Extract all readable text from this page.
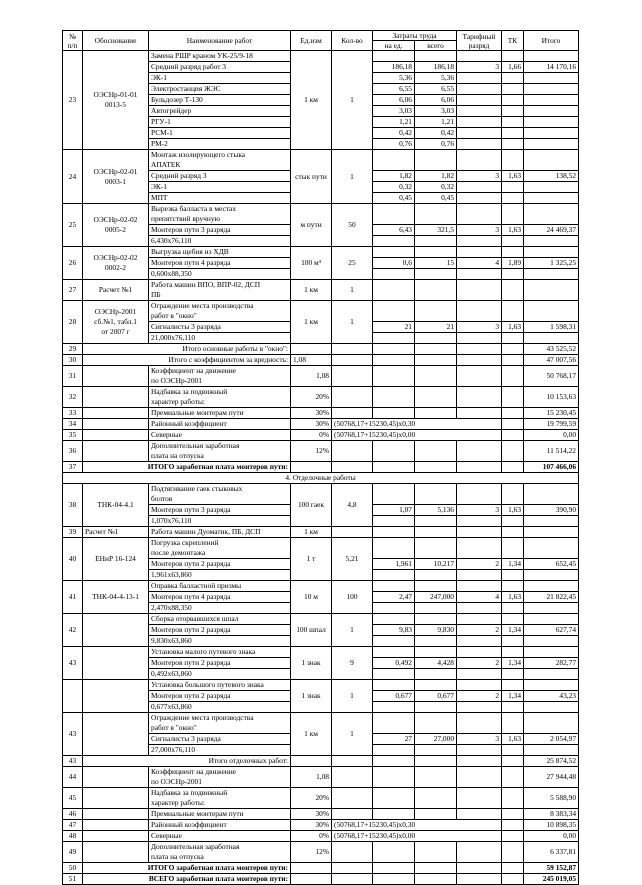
№
п/п	Обоснование	Наименование работ	Ед.изм	Кол-во	Затраты труда		Тарифный
разряд	ТК	Итого
					на ед.	всего			
23	ОЭСНр-01-01
0013-5	Замена РШР краном УК-25/9-18	1 км	1					
		Средний разряд работ 3			186,18	186,18	3	1,66	14 170,16
		ЭК-1			5,36	5,36			
		Электростанция ЖЭС			6,55	6,55			
		Бульдозер Т-130			6,06	6,06			
		Автогрейдер			3,03	3,03			
		РГУ-1			1,21	1,21			
		РСМ-1			0,42	0,42			
		РМ-2			0,76	0,76			
24	ОЭСНр-02-01
0003-1	Монтаж изолирующего стыка
АПАТЕК	стык пути	1					
		Средний разряд 3			1,82	1,82	3	1,63	138,52
		ЭК-1			0,32	0,32			
		МПТ			0,45	0,45			
25	ОЭСНр-02-02
0005-2	Вырезка балласта в местах
препятствий вручную	м пути	50					
		Монтеров пути 3 разряда			6,43	321,5	3	1,63	24 469,37
		6,430x76,110							
26	ОЭСНр-02-02
0002-2	Выгрузка щебня из ХДВ	100 м³	25					
		Монтеров пути 4 разряда			0,6	15	4	1,89	1 325,25
		0,600x88,350							
27	Расчет №1	Работа машин ВПО, ВПР-02, ДСП
ПБ	1 км	1					
28	ОЭСНр-2001
сб.№1, табл.1
от 2007 г	Ограждение места производства
работ в "окно"	1 км	1					
		Сигналисты 3 разряда			21	21	3	1,63	1 598,31
		21,000x76,110							
29	Итого основные работы в "окно":								43 525,52
30	Итого с коэффициентом за вредность:		1,08						47 007,56
31		Коэффициент на движение
по ОЭСНр-2001	1,08						50 768,17
32		Надбавка за подвижный
характер работы:	20%						10 153,63
33		Премиальные монтерам пути	30%						15 230,45
34		Районный коэффициент	30%	(50768,17+15230,45)x0,30					19 799,59
35		Северные	0%	(50768,17+15230,45)x0,00					0,00
36		Дополнительная заработная
плата на отпуска	12%						11 514,22
37	ИТОГО заработная плата монтеров пути:								107 466,06
4. Отделочные работы									
38	ТНК-04-4.1	Подтягивание гаек стыковых
болтов	100 гаек	4,8					
		Монтеров пути 3 разряда			1,07	5,136	3	1,63	390,90
		1,070x76,110							
39	Расчет №1	Работа машин Дуоматик, ПБ, ДСП	1 км						
40	ЕНиР 16-124	Погрузка скреплений
после демонтажа	1 т	5,21					
		Монтеров пути 2 разряда			1,961	10,217	2	1,34	652,45
		1,961x63,860							
41	ТНК-04-4-13-1	Оправка балластной призмы	10 м	100					
		Монтеров пути 4 разряда			2,47	247,000	4	1,63	21 822,45
		2,470x88,350							
42		Сборка оторвавшихся шпал	100 шпал	1					
		Монтеров пути 2 разряда			9,83	9,830	2	1,34	627,74
		9,830x63,860							
43		Установка малого путевого знака	1 знак	9					
		Монтеров пути 2 разряда			0,492	4,428	2	1,34	282,77
		0,492x63,860							
		Установка большого путевого знака	1 знак	1					
		Монтеров пути 2 разряда			0,677	0,677	2	1,34	43,23
		0,677x63,860							
43		Ограждение места производства
работ в "окно"	1 км	1					
		Сигналисты 3 разряда			27	27,000	3	1,63	2 054,97
		27,000x76,110							
43	Итого отделочных работ:								25 874,52
44		Коэффициент на движение
по ОЭСНр-2001	1,08						27 944,48
45		Надбавка за подвижный
характер работы:	20%						5 588,90
46		Премиальные монтерам пути	30%						8 383,34
47		Районный коэффициент	30%	(50768,17+15230,45)x0,30					10 898,35
48		Северные	0%	(50768,17+15230,45)x0,00					0,00
49		Дополнительная заработная
плата на отпуска	12%						6 337,81
50	ИТОГО заработная плата монтеров пути:								59 152,87
51	ВСЕГО заработная плата монтеров пути:								245 019,05
